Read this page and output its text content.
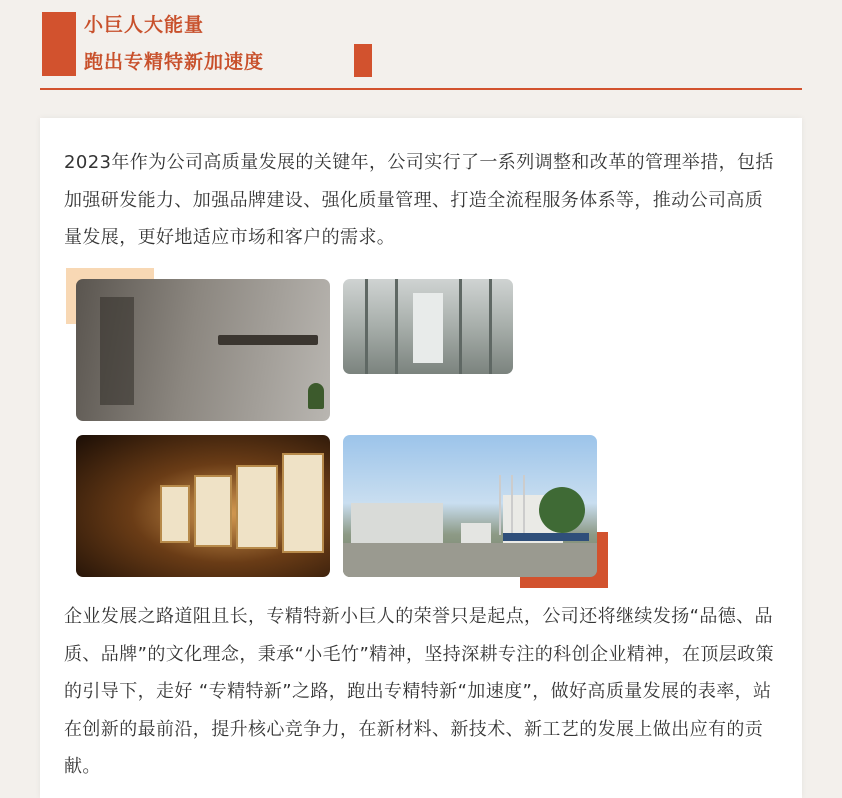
小巨人大能量
跑出专精特新加速度

2023年作为公司高质量发展的关键年，公司实行了一系列调整和改革的管理举措，包括加强研发能力、加强品牌建设、强化质量管理、打造全流程服务体系等，推动公司高质量发展，更好地适应市场和客户的需求。

企业发展之路道阻且长，专精特新小巨人的荣誉只是起点，公司还将继续发扬“品德、品质、品牌”的文化理念，秉承“小毛竹”精神，坚持深耕专注的科创企业精神，在顶层政策的引导下，走好 “专精特新”之路，跑出专精特新“加速度”，做好高质量发展的表率，站在创新的最前沿，提升核心竞争力，在新材料、新技术、新工艺的发展上做出应有的贡献。
